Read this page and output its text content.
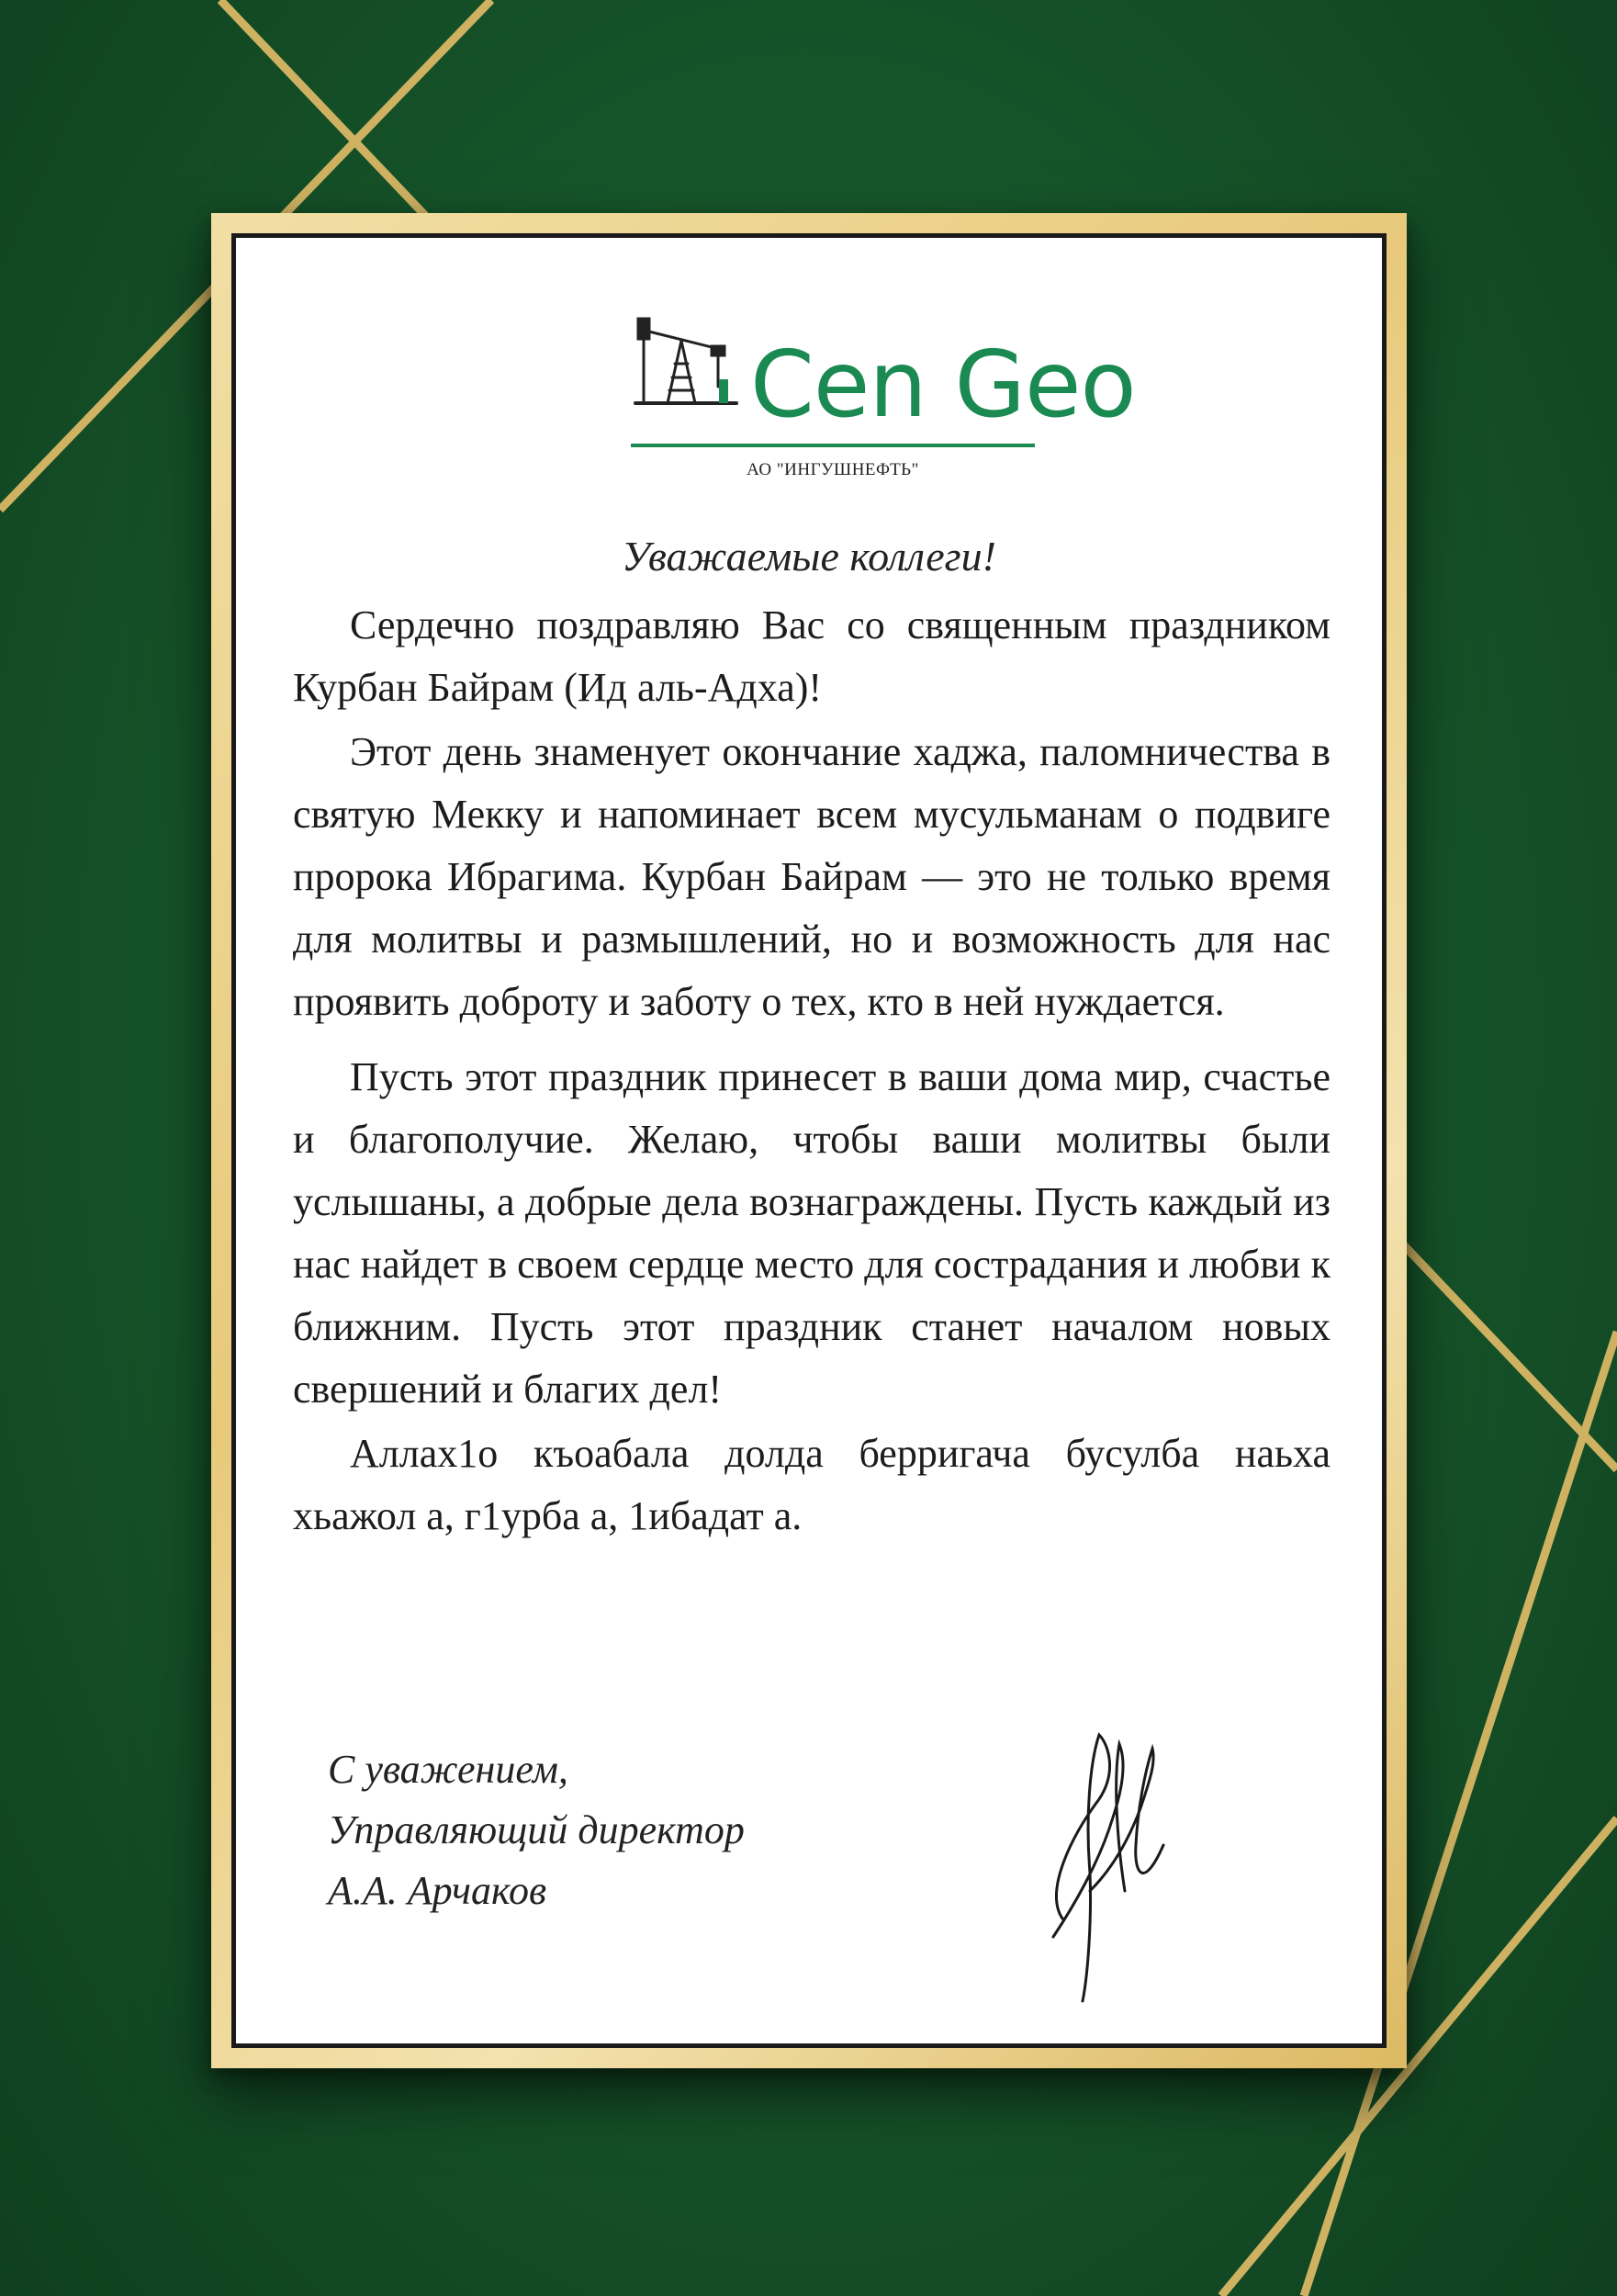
Cen Geo
АО "ИНГУШНЕФТЬ"
Уважаемые коллеги!

Сердечно поздравляю Вас со священным праздником Курбан Байрам (Ид аль-Адха)!

Этот день знаменует окончание хаджа, паломничества в святую Мекку и напоминает всем мусульманам о подвиге пророка Ибрагима. Курбан Байрам — это не только время для молитвы и размышлений, но и возможность для нас проявить доброту и заботу о тех, кто в ней нуждается.

Пусть этот праздник принесет в ваши дома мир, счастье и благополучие. Желаю, чтобы ваши молитвы были услышаны, а добрые дела вознаграждены. Пусть каждый из нас найдет в своем сердце место для сострадания и любви к ближним. Пусть этот праздник станет началом новых свершений и благих дел!

Аллах1о къоабала долда берригача бусулба наьха хьажол а, г1урба а, 1ибадат а.

С уважением,
Управляющий директор
А.А. Арчаков
